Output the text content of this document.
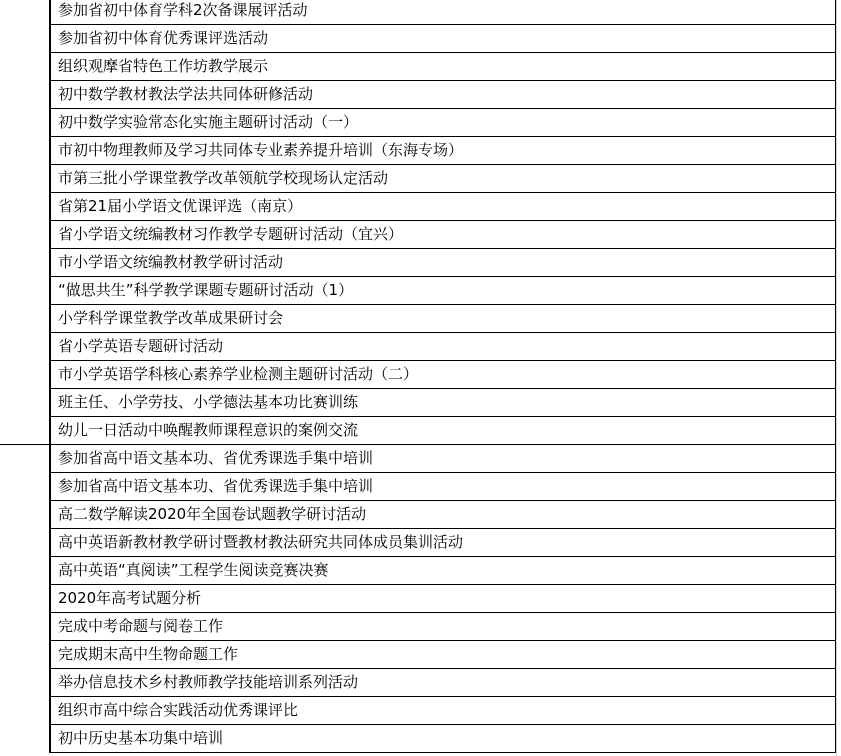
参加省初中体育学科2次备课展评活动
参加省初中体育优秀课评选活动
组织观摩省特色工作坊教学展示
初中数学教材教法学法共同体研修活动
初中数学实验常态化实施主题研讨活动（一）
市初中物理教师及学习共同体专业素养提升培训（东海专场）
市第三批小学课堂教学改革领航学校现场认定活动
省第21届小学语文优课评选（南京）
省小学语文统编教材习作教学专题研讨活动（宜兴）
市小学语文统编教材教学研讨活动
“做思共生”科学教学课题专题研讨活动（1）
小学科学课堂教学改革成果研讨会
省小学英语专题研讨活动
市小学英语学科核心素养学业检测主题研讨活动（二）
班主任、小学劳技、小学德法基本功比赛训练
幼儿一日活动中唤醒教师课程意识的案例交流
参加省高中语文基本功、省优秀课选手集中培训
参加省高中语文基本功、省优秀课选手集中培训
高二数学解读2020年全国卷试题教学研讨活动
高中英语新教材教学研讨暨教材教法研究共同体成员集训活动
高中英语“真阅读”工程学生阅读竞赛决赛
2020年高考试题分析
完成中考命题与阅卷工作
完成期末高中生物命题工作
举办信息技术乡村教师教学技能培训系列活动
组织市高中综合实践活动优秀课评比
初中历史基本功集中培训
